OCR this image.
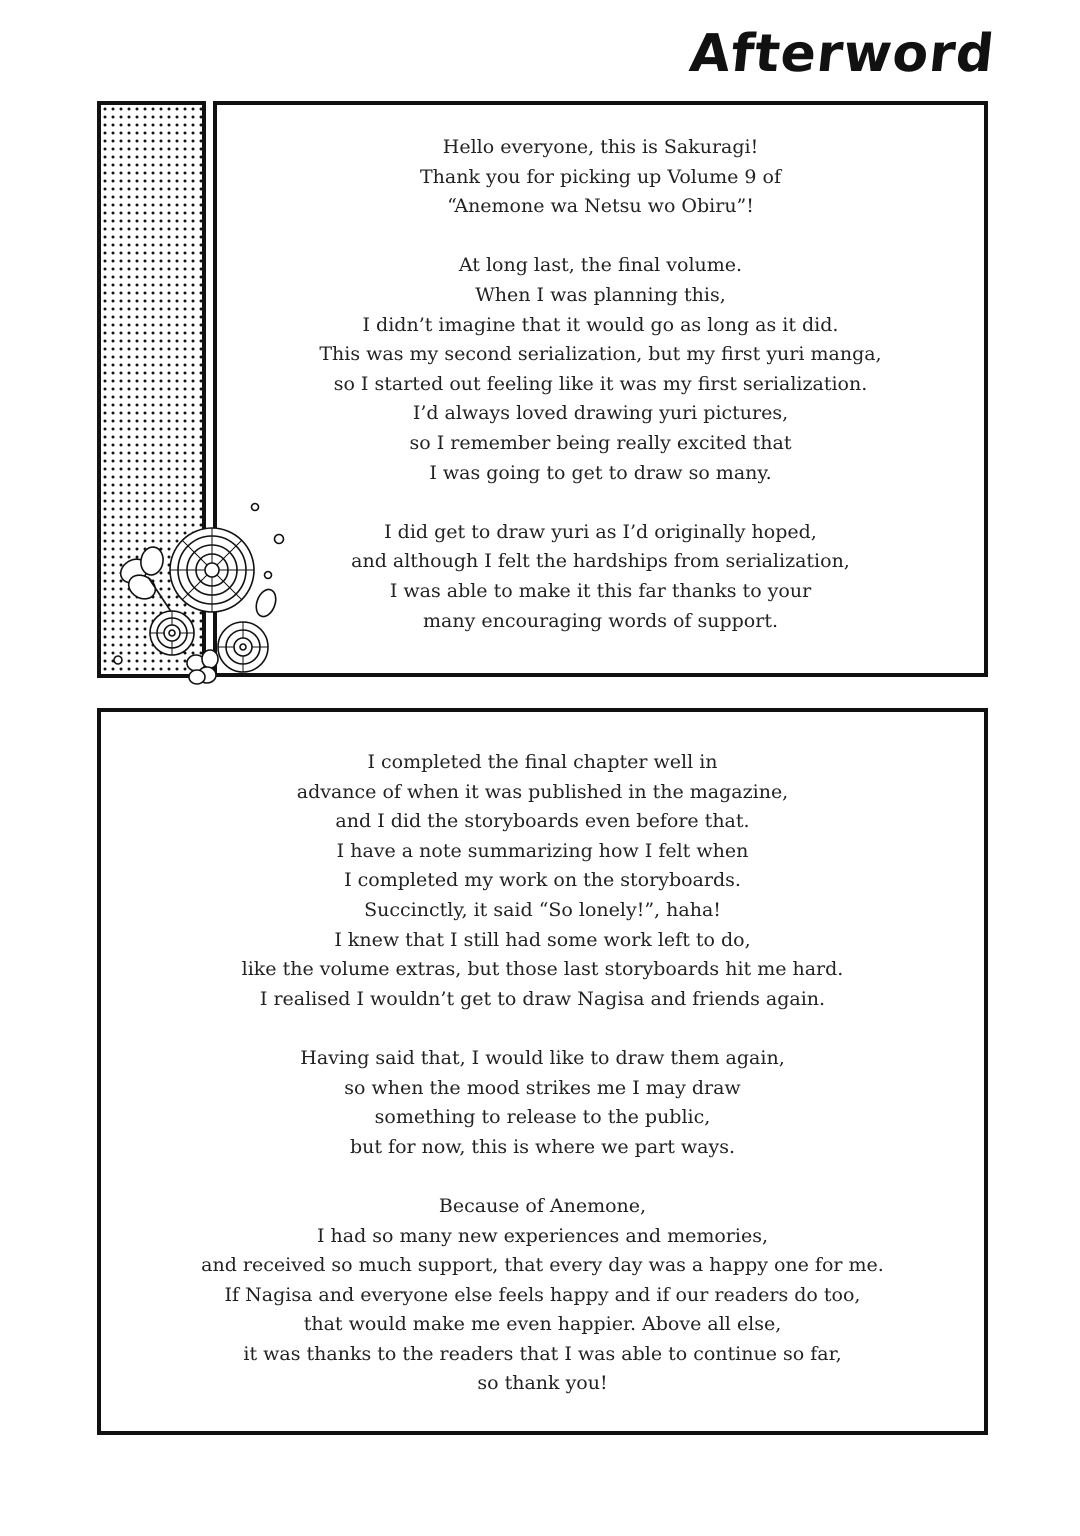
Afterword
Hello everyone, this is Sakuragi!
Thank you for picking up Volume 9 of
“Anemone wa Netsu wo Obiru”!
At long last, the final volume.
When I was planning this,
I didn’t imagine that it would go as long as it did.
This was my second serialization, but my first yuri manga,
so I started out feeling like it was my first serialization.
I’d always loved drawing yuri pictures,
so I remember being really excited that
I was going to get to draw so many.
I did get to draw yuri as I’d originally hoped,
and although I felt the hardships from serialization,
I was able to make it this far thanks to your
many encouraging words of support.
I completed the final chapter well in
advance of when it was published in the magazine,
and I did the storyboards even before that.
I have a note summarizing how I felt when
I completed my work on the storyboards.
Succinctly, it said “So lonely!”, haha!
I knew that I still had some work left to do,
like the volume extras, but those last storyboards hit me hard.
I realised I wouldn’t get to draw Nagisa and friends again.
Having said that, I would like to draw them again,
so when the mood strikes me I may draw
something to release to the public,
but for now, this is where we part ways.
Because of Anemone,
I had so many new experiences and memories,
and received so much support, that every day was a happy one for me.
If Nagisa and everyone else feels happy and if our readers do too,
that would make me even happier. Above all else,
it was thanks to the readers that I was able to continue so far,
so thank you!
